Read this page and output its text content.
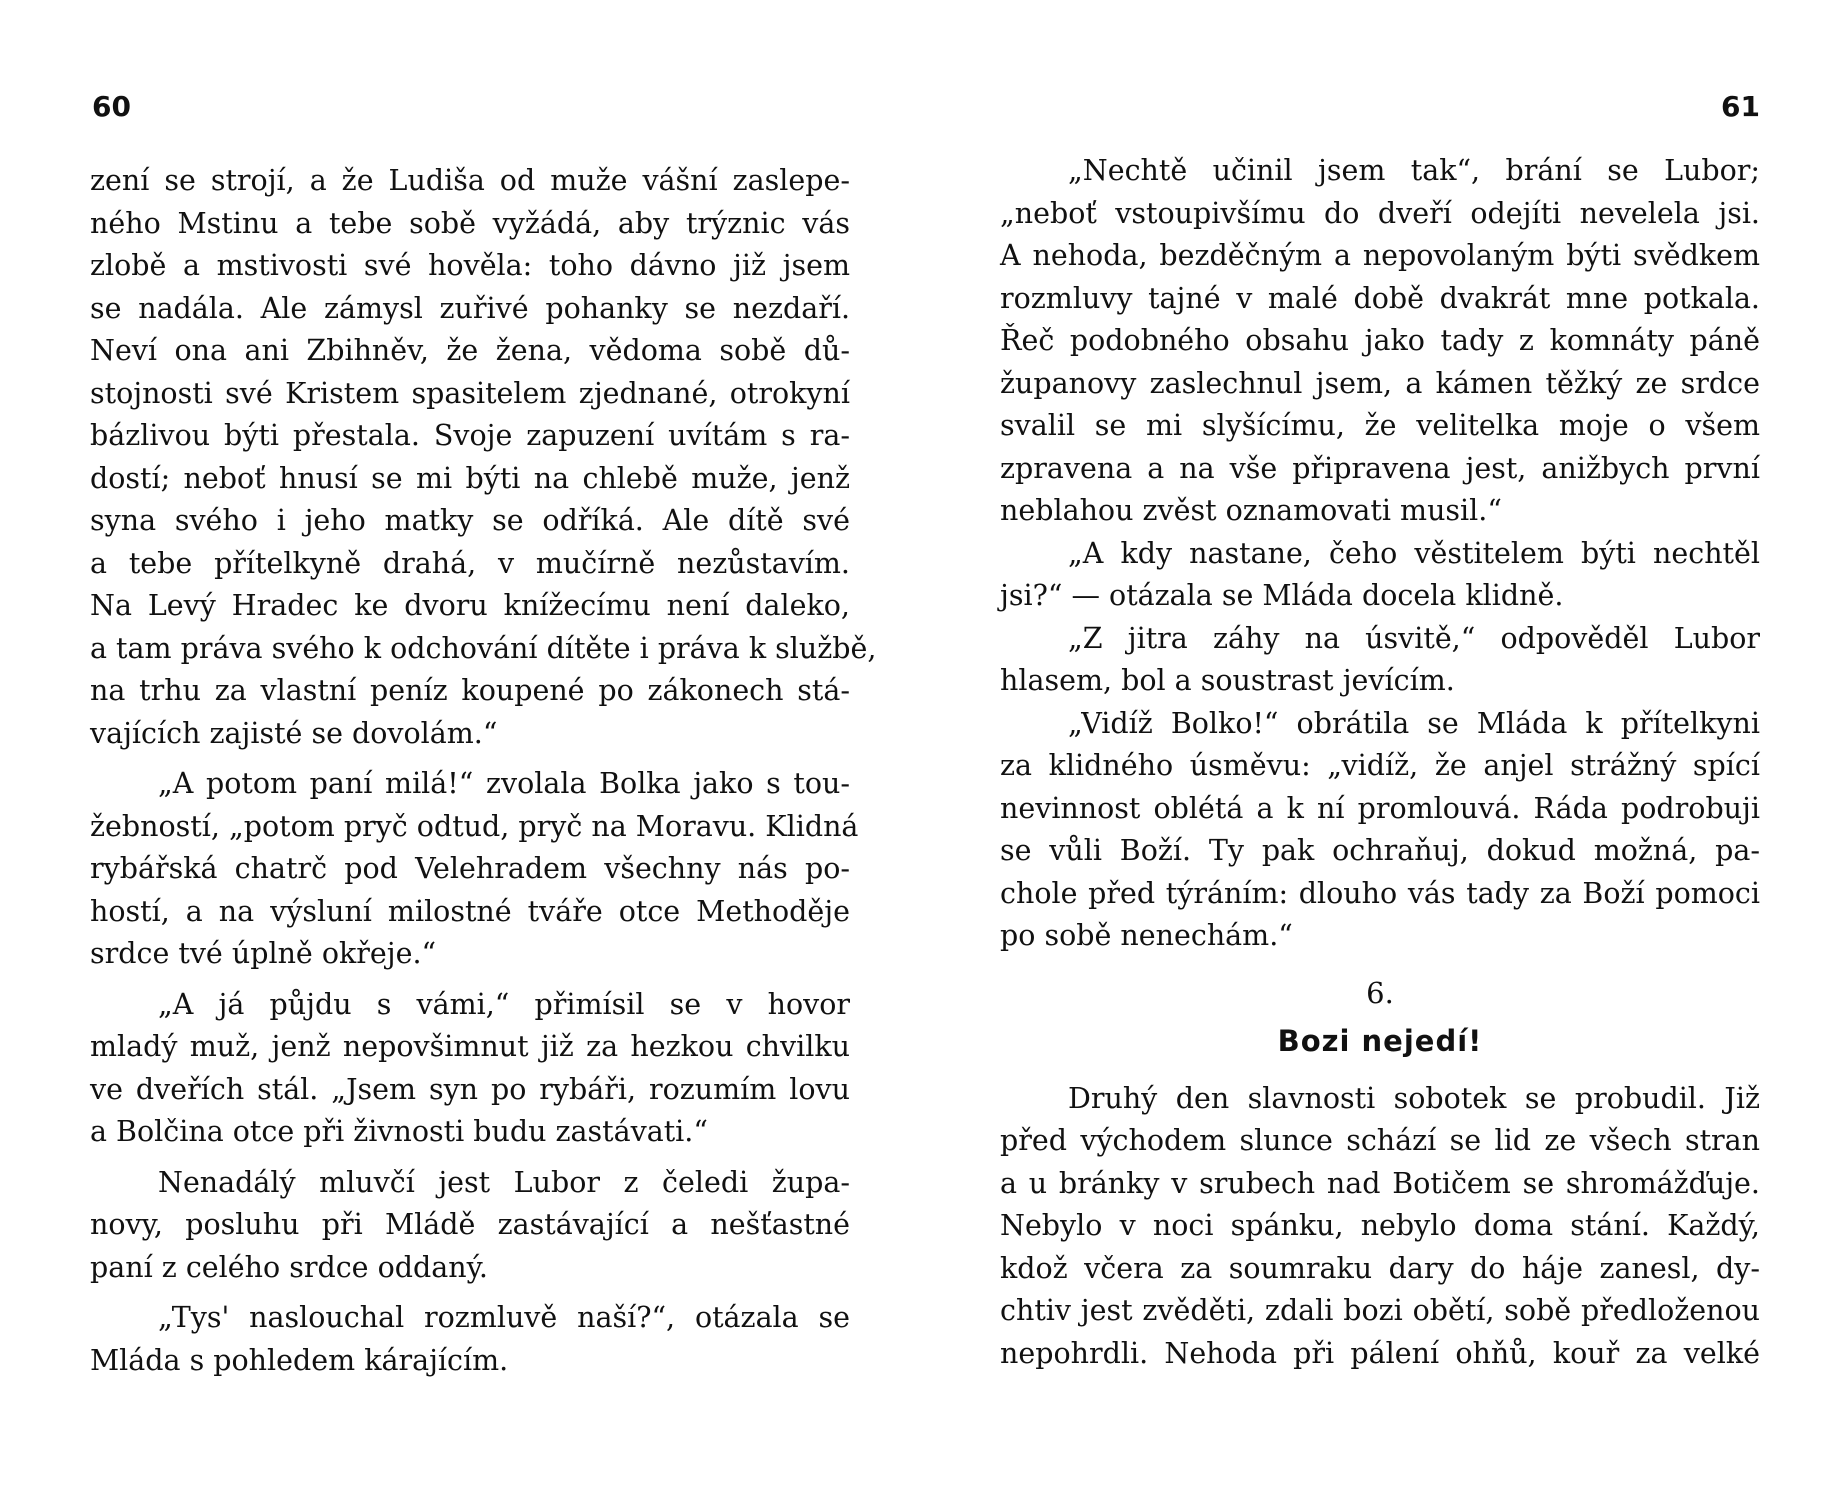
60
zení se strojí, a že Ludiša od muže vášní zaslepe-
ného Mstinu a tebe sobě vyžádá, aby trýznic vás
zlobě a mstivosti své hověla: toho dávno již jsem
se nadála. Ale zámysl zuřivé pohanky se nezdaří.
Neví ona ani Zbihněv, že žena, vědoma sobě dů-
stojnosti své Kristem spasitelem zjednané, otrokyní
bázlivou býti přestala. Svoje zapuzení uvítám s ra-
dostí; neboť hnusí se mi býti na chlebě muže, jenž
syna svého i jeho matky se odříká. Ale dítě své
a tebe přítelkyně drahá, v mučírně nezůstavím.
Na Levý Hradec ke dvoru knížecímu není daleko,
a tam práva svého k odchování dítěte i práva k službě,
na trhu za vlastní peníz koupené po zákonech stá-
vajících zajisté se dovolám.“
„A potom paní milá!“ zvolala Bolka jako s tou-
žebností, „potom pryč odtud, pryč na Moravu. Klidná
rybářská chatrč pod Velehradem všechny nás po-
hostí, a na výsluní milostné tváře otce Methoděje
srdce tvé úplně okřeje.“
„A já půjdu s vámi,“ přimísil se v hovor
mladý muž, jenž nepovšimnut již za hezkou chvilku
ve dveřích stál. „Jsem syn po rybáři, rozumím lovu
a Bolčina otce při živnosti budu zastávati.“
Nenadálý mluvčí jest Lubor z čeledi župa-
novy, posluhu při Mládě zastávající a nešťastné
paní z celého srdce oddaný.
„Tys' naslouchal rozmluvě naší?“, otázala se
Mláda s pohledem kárajícím.
61
„Nechtě učinil jsem tak“, brání se Lubor;
„neboť vstoupivšímu do dveří odejíti nevelela jsi.
A nehoda, bezděčným a nepovolaným býti svědkem
rozmluvy tajné v malé době dvakrát mne potkala.
Řeč podobného obsahu jako tady z komnáty páně
županovy zaslechnul jsem, a kámen těžký ze srdce
svalil se mi slyšícímu, že velitelka moje o všem
zpravena a na vše připravena jest, anižbych první
neblahou zvěst oznamovati musil.“
„A kdy nastane, čeho věstitelem býti nechtěl
jsi?“ — otázala se Mláda docela klidně.
„Z jitra záhy na úsvitě,“ odpověděl Lubor
hlasem, bol a soustrast jevícím.
„Vidíž Bolko!“ obrátila se Mláda k přítelkyni
za klidného úsměvu: „vidíž, že anjel strážný spící
nevinnost oblétá a k ní promlouvá. Ráda podrobuji
se vůli Boží. Ty pak ochraňuj, dokud možná, pa-
chole před týráním: dlouho vás tady za Boží pomoci
po sobě nenechám.“
6.
Bozi nejedí!
Druhý den slavnosti sobotek se probudil. Již
před východem slunce schází se lid ze všech stran
a u bránky v srubech nad Botičem se shromážďuje.
Nebylo v noci spánku, nebylo doma stání. Každý,
kdož včera za soumraku dary do háje zanesl, dy-
chtiv jest zvěděti, zdali bozi obětí, sobě předloženou
nepohrdli. Nehoda při pálení ohňů, kouř za velké
